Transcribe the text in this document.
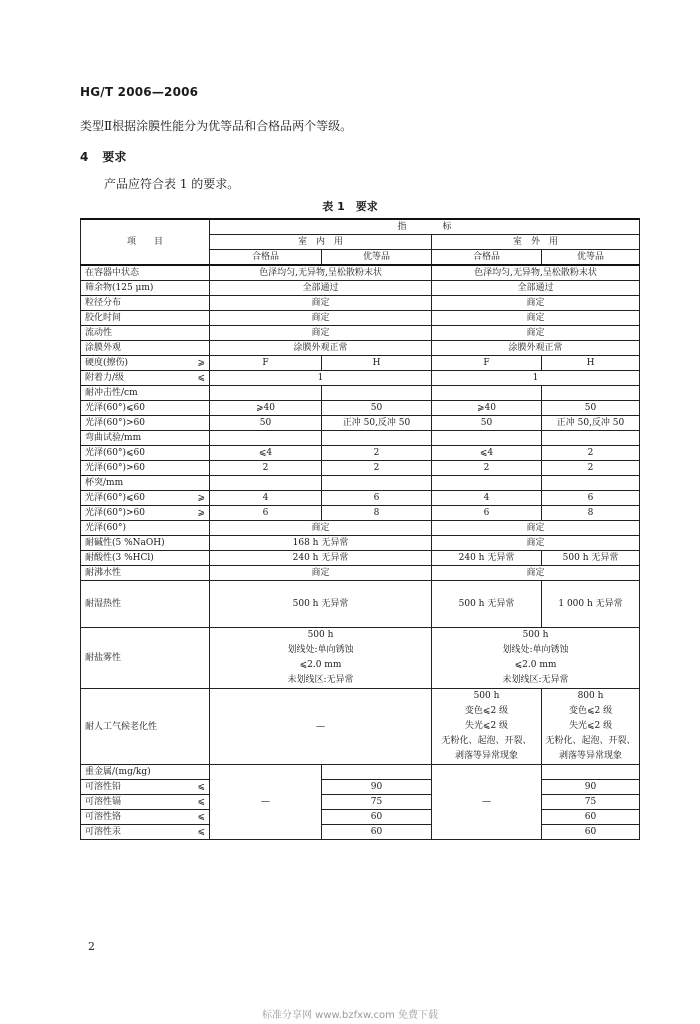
HG/T 2006—2006
类型Ⅱ根据涂膜性能分为优等品和合格品两个等级。
4 要求
产品应符合表 1 的要求。
表 1　要求
项　　目	指　　　　标			
	室　内　用		室　外　用	
	合格品	优等品	合格品	优等品
在容器中状态	色泽均匀,无异物,呈松散粉末状		色泽均匀,无异物,呈松散粉末状	
筛余物(125 μm)	全部通过		全部通过	
粒径分布	商定		商定	
胶化时间	商定		商定	
流动性	商定		商定	
涂膜外观	涂膜外观正常		涂膜外观正常	
硬度(擦伤) ⩾	F	H	F	H
附着力/级 ⩽	1		1	
耐冲击性/cm				
光泽(60°)⩽60	⩾40	50	⩾40	50
光泽(60°)>60	50	正冲 50,反冲 50	50	正冲 50,反冲 50
弯曲试验/mm				
光泽(60°)⩽60	⩽4	2	⩽4	2
光泽(60°)>60	2	2	2	2
杯突/mm				
光泽(60°)⩽60 ⩾	4	6	4	6
光泽(60°)>60 ⩾	6	8	6	8
光泽(60°)	商定		商定	
耐碱性(5 %NaOH)	168 h 无异常		商定	
耐酸性(3 %HCl)	240 h 无异常		240 h 无异常	500 h 无异常
耐沸水性	商定		商定	
耐湿热性	500 h 无异常		500 h 无异常	1 000 h 无异常
耐盐雾性	500 h
划线处:单向锈蚀
⩽2.0 mm
未划线区:无异常		500 h
划线处:单向锈蚀
⩽2.0 mm
未划线区:无异常	

耐人工气候老化性	—		500 h
变色⩽2 级
失光⩽2 级
无粉化、起泡、开裂、
剥落等异常现象	800 h
变色⩽2 级
失光⩽2 级
无粉化、起泡、开裂、
剥落等异常现象

重金属/(mg/kg)	—		—	
可溶性铅 ⩽		90		90
可溶性镉 ⩽		75		75
可溶性铬 ⩽		60		60
可溶性汞 ⩽		60		60
2
标准分享网 www.bzfxw.com 免费下载
